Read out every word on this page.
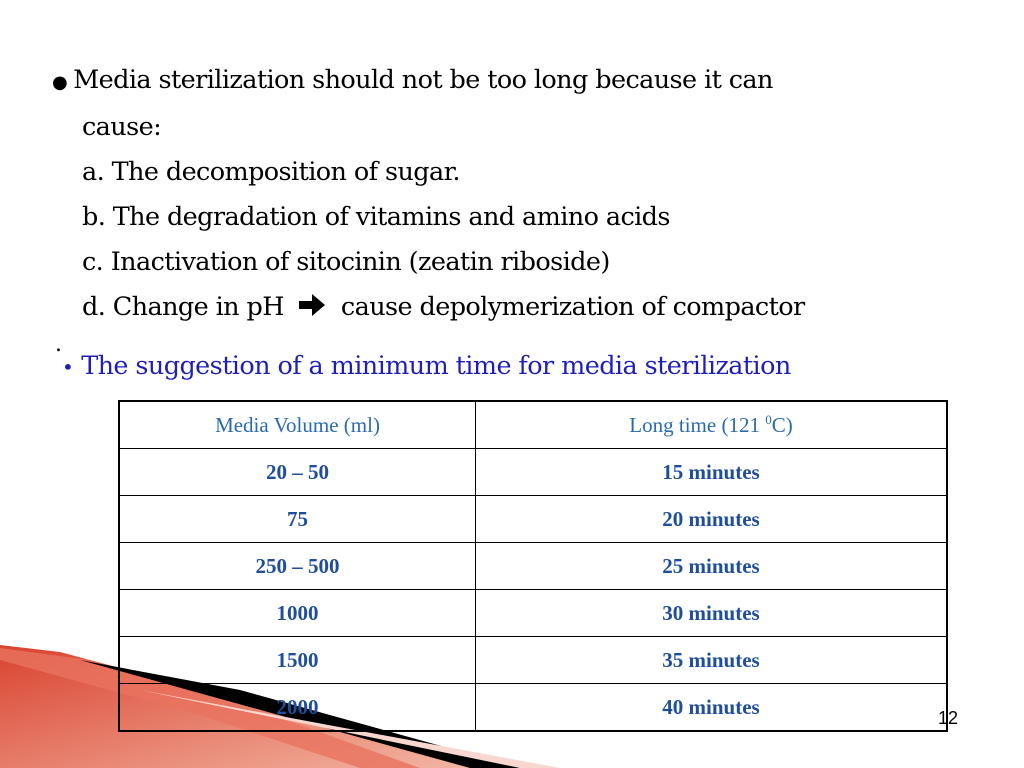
● Media sterilization should not be too long because it can
cause:
a. The decomposition of sugar.
b. The degradation of vitamins and amino acids
c. Inactivation of sitocinin (zeatin riboside)
d. Change in pH cause depolymerization of compactor
.
• The suggestion of a minimum time for media sterilization
Media Volume (ml)	Long time (121 $^0$C)
20 – 50	15 minutes
75	20 minutes
250 – 500	25 minutes
1000	30 minutes
1500	35 minutes
2000	40 minutes	12
